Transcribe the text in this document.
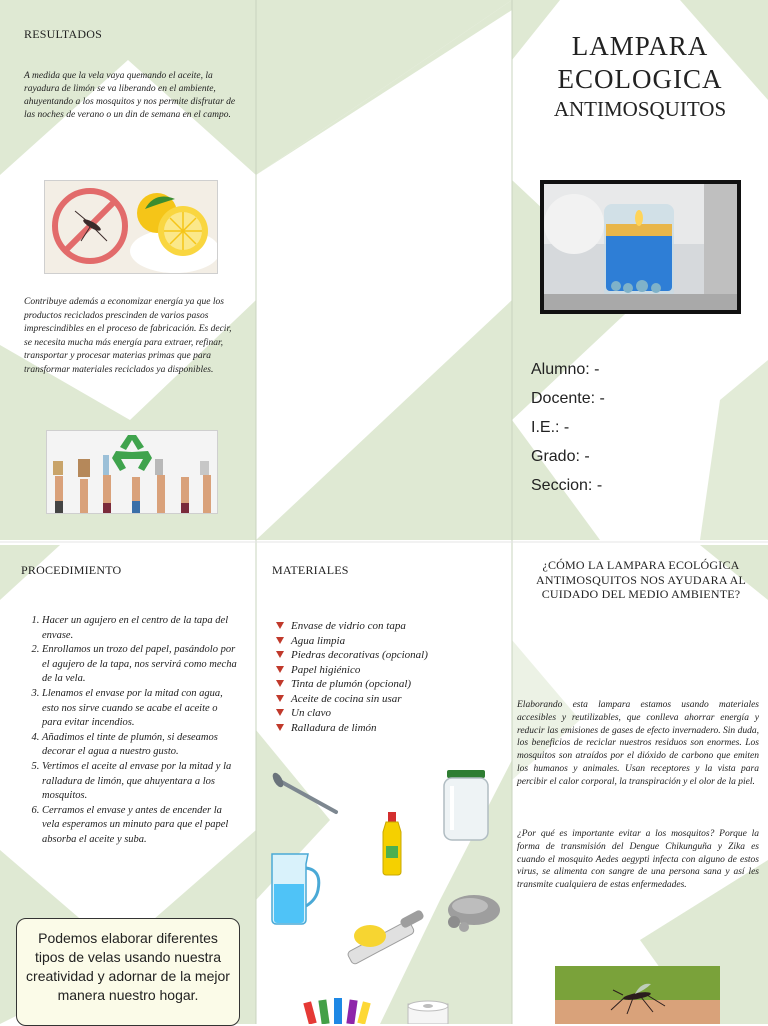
RESULTADOS
A medida que la vela vaya quemando el aceite, la rayadura de limón se va liberando en el ambiente, ahuyentando a los mosquitos y nos permite disfrutar de las noches de verano o un din de semana en el campo.
Contribuye además a economizar energía ya que los productos reciclados prescinden de varios pasos imprescindibles en el proceso de fabricación. Es decir, se necesita mucha más energía para extraer, refinar, transportar y procesar materias primas que para transformar materiales reciclados ya disponibles.
LAMPARA
ECOLOGICA
ANTIMOSQUITOS
Alumno: -
Docente: -
I.E.: -
Grado: -
Seccion: -
PROCEDIMIENTO
1. Hacer un agujero en el centro de la tapa del envase.
2. Enrollamos un trozo del papel, pasándolo por el agujero de la tapa, nos servirá como mecha de la vela.
3. Llenamos el envase por la mitad con agua, esto nos sirve cuando se acabe el aceite o para evitar incendios.
4. Añadimos el tinte de plumón, si deseamos decorar el agua a nuestro gusto.
5. Vertimos el aceite al envase por la mitad y la ralladura de limón, que ahuyentara a los mosquitos.
6. Cerramos el envase y antes de encender la vela esperamos un minuto para que el papel absorba el aceite y suba.
Podemos elaborar diferentes tipos de velas usando nuestra creatividad y adornar de la mejor manera nuestro hogar.
MATERIALES
Envase de vidrio con tapa
Agua limpia
Piedras decorativas (opcional)
Papel higiénico
Tinta de plumón (opcional)
Aceite de cocina sin usar
Un clavo
Ralladura de limón
¿CÓMO LA LAMPARA ECOLÓGICA ANTIMOSQUITOS NOS AYUDARA AL CUIDADO DEL MEDIO AMBIENTE?
Elaborando esta lampara estamos usando materiales accesibles y reutilizables, que conlleva ahorrar energía y reducir las emisiones de gases de efecto invernadero. Sin duda, los beneficios de reciclar nuestros residuos son enormes. Los mosquitos son atraídos por el dióxido de carbono que emiten los humanos y animales. Usan receptores y la vista para percibir el calor corporal, la transpiración y el olor de la piel.
¿Por qué es importante evitar a los mosquitos? Porque la forma de transmisión del Dengue Chikunguña y Zika es cuando el mosquito Aedes aegypti infecta con alguno de estos virus, se alimenta con sangre de una persona sana y así les transmite cualquiera de estas enfermedades.
